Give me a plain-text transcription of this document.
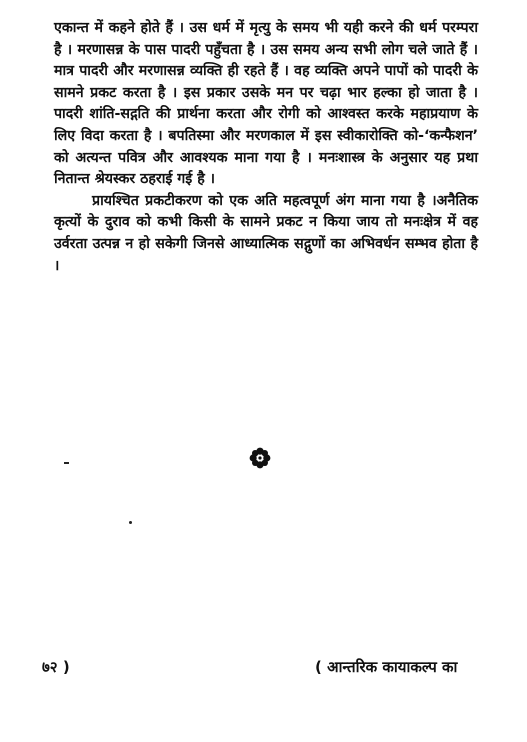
एकान्त में कहने होते हैं । उस धर्म में मृत्यु के समय भी यही करने की धर्म परम्परा है । मरणासन्न के पास पादरी पहुँचता है । उस समय अन्य सभी लोग चले जाते हैं । मात्र पादरी और मरणासन्न व्यक्ति ही रहते हैं । वह व्यक्ति अपने पापों को पादरी के सामने प्रकट करता है । इस प्रकार उसके मन पर चढ़ा भार हल्का हो जाता है । पादरी शांति-सद्गति की प्रार्थना करता और रोगी को आश्वस्त करके महाप्रयाण के लिए विदा करता है । बपतिस्मा और मरणकाल में इस स्वीकारोक्ति को-‘कन्फैशन’ को अत्यन्त पवित्र और आवश्यक माना गया है । मनःशास्त्र के अनुसार यह प्रथा नितान्त श्रेयस्कर ठहराई गई है ।

प्रायश्चित प्रकटीकरण को एक अति महत्वपूर्ण अंग माना गया है ।अनैतिक कृत्यों के दुराव को कभी किसी के सामने प्रकट न किया जाय तो मनःक्षेत्र में वह उर्वरता उत्पन्न न हो सकेगी जिनसे आध्यात्मिक सद्गुणों का अभिवर्धन सम्भव होता है ।

७२ )	( आन्तरिक कायाकल्प का
